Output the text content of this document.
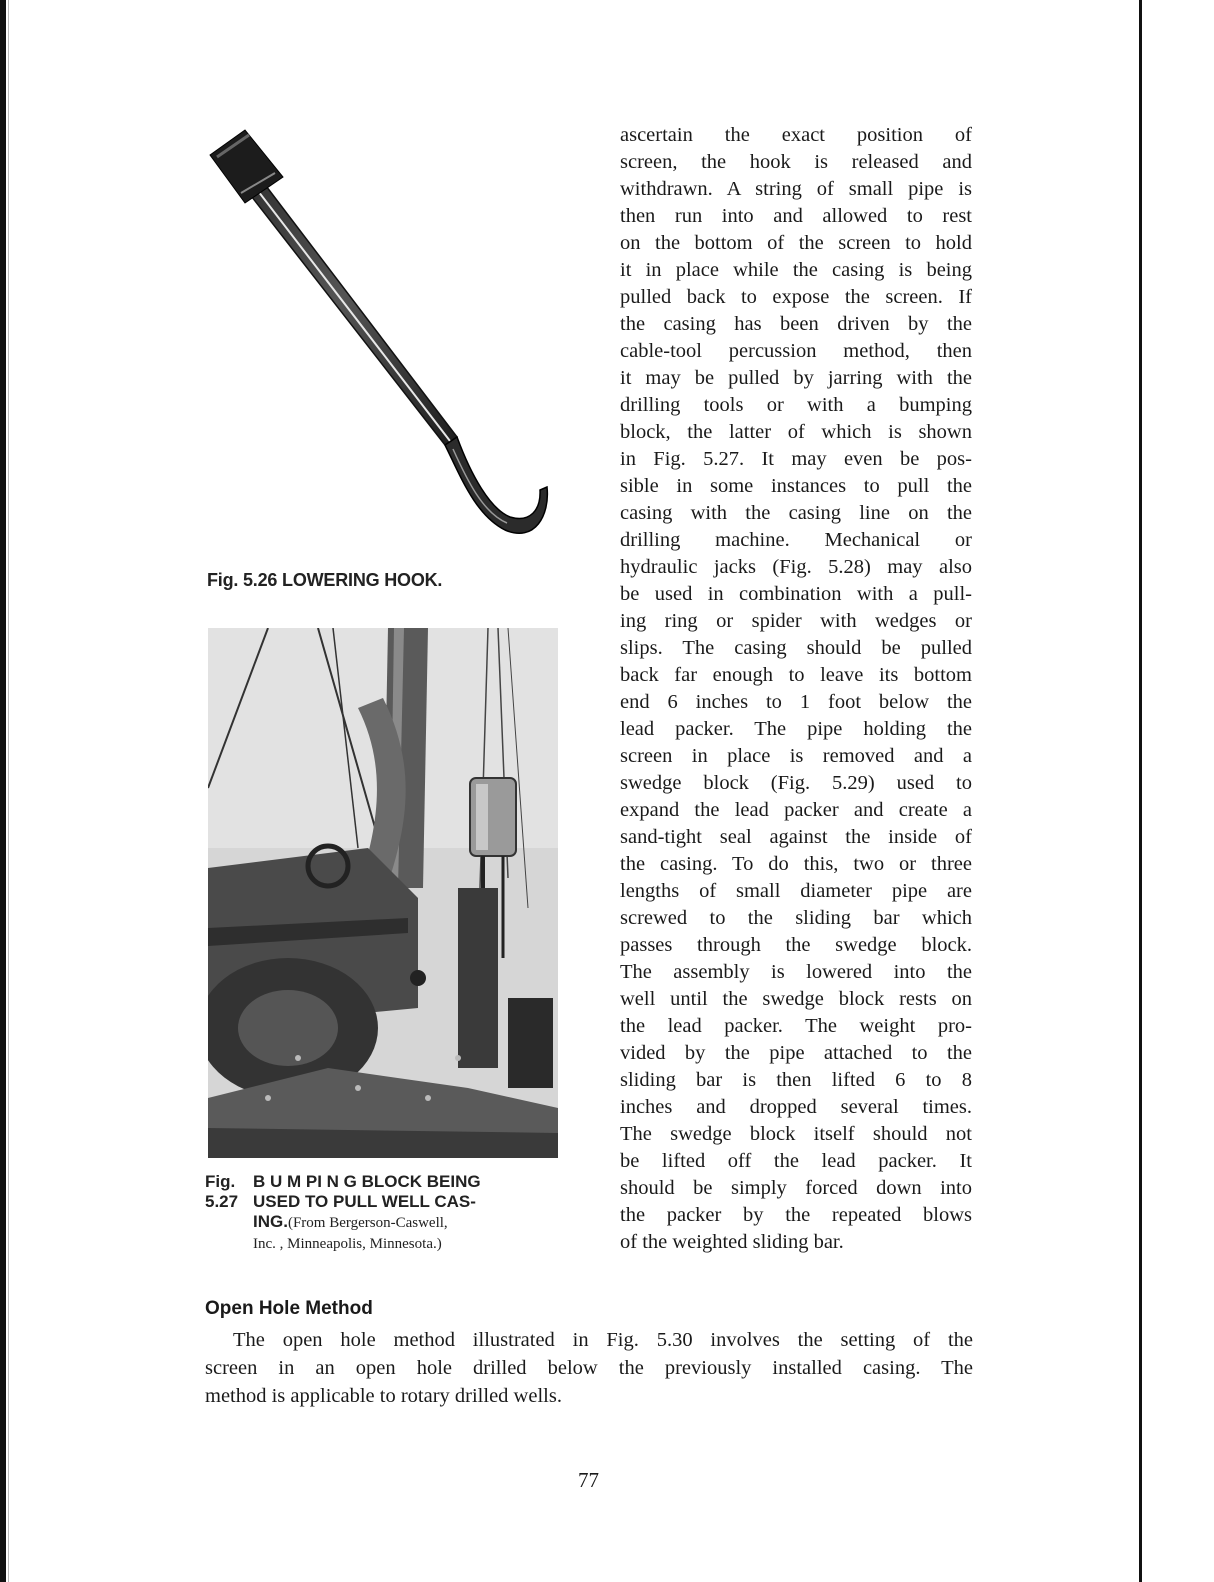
Fig. 5.26 LOWERING HOOK.
Fig. 5.27B U M PI N G BLOCK BEING
USED TO PULL WELL CAS-
ING.(From Bergerson-Caswell,
Inc. , Minneapolis, Minnesota.)
ascertain the exact position of
screen, the hook is released and
withdrawn. A string of small pipe is
then run into and allowed to rest
on the bottom of the screen to hold
it in place while the casing is being
pulled back to expose the screen. If
the casing has been driven by the
cable-tool percussion method, then
it may be pulled by jarring with the
drilling tools or with a bumping
block, the latter of which is shown
in Fig. 5.27. It may even be pos-
sible in some instances to pull the
casing with the casing line on the
drilling machine. Mechanical or
hydraulic jacks (Fig. 5.28) may also
be used in combination with a pull-
ing ring or spider with wedges or
slips. The casing should be pulled
back far enough to leave its bottom
end 6 inches to 1 foot below the
lead packer. The pipe holding the
screen in place is removed and a
swedge block (Fig. 5.29) used to
expand the lead packer and create a
sand-tight seal against the inside of
the casing. To do this, two or three
lengths of small diameter pipe are
screwed to the sliding bar which
passes through the swedge block.
The assembly is lowered into the
well until the swedge block rests on
the lead packer. The weight pro-
vided by the pipe attached to the
sliding bar is then lifted 6 to 8
inches and dropped several times.
The swedge block itself should not
be lifted off the lead packer. It
should be simply forced down into
the packer by the repeated blows
of the weighted sliding bar.
Open Hole Method
The open hole method illustrated in Fig. 5.30 involves the setting of the
screen in an open hole drilled below the previously installed casing. The
method is applicable to rotary drilled wells.
77
